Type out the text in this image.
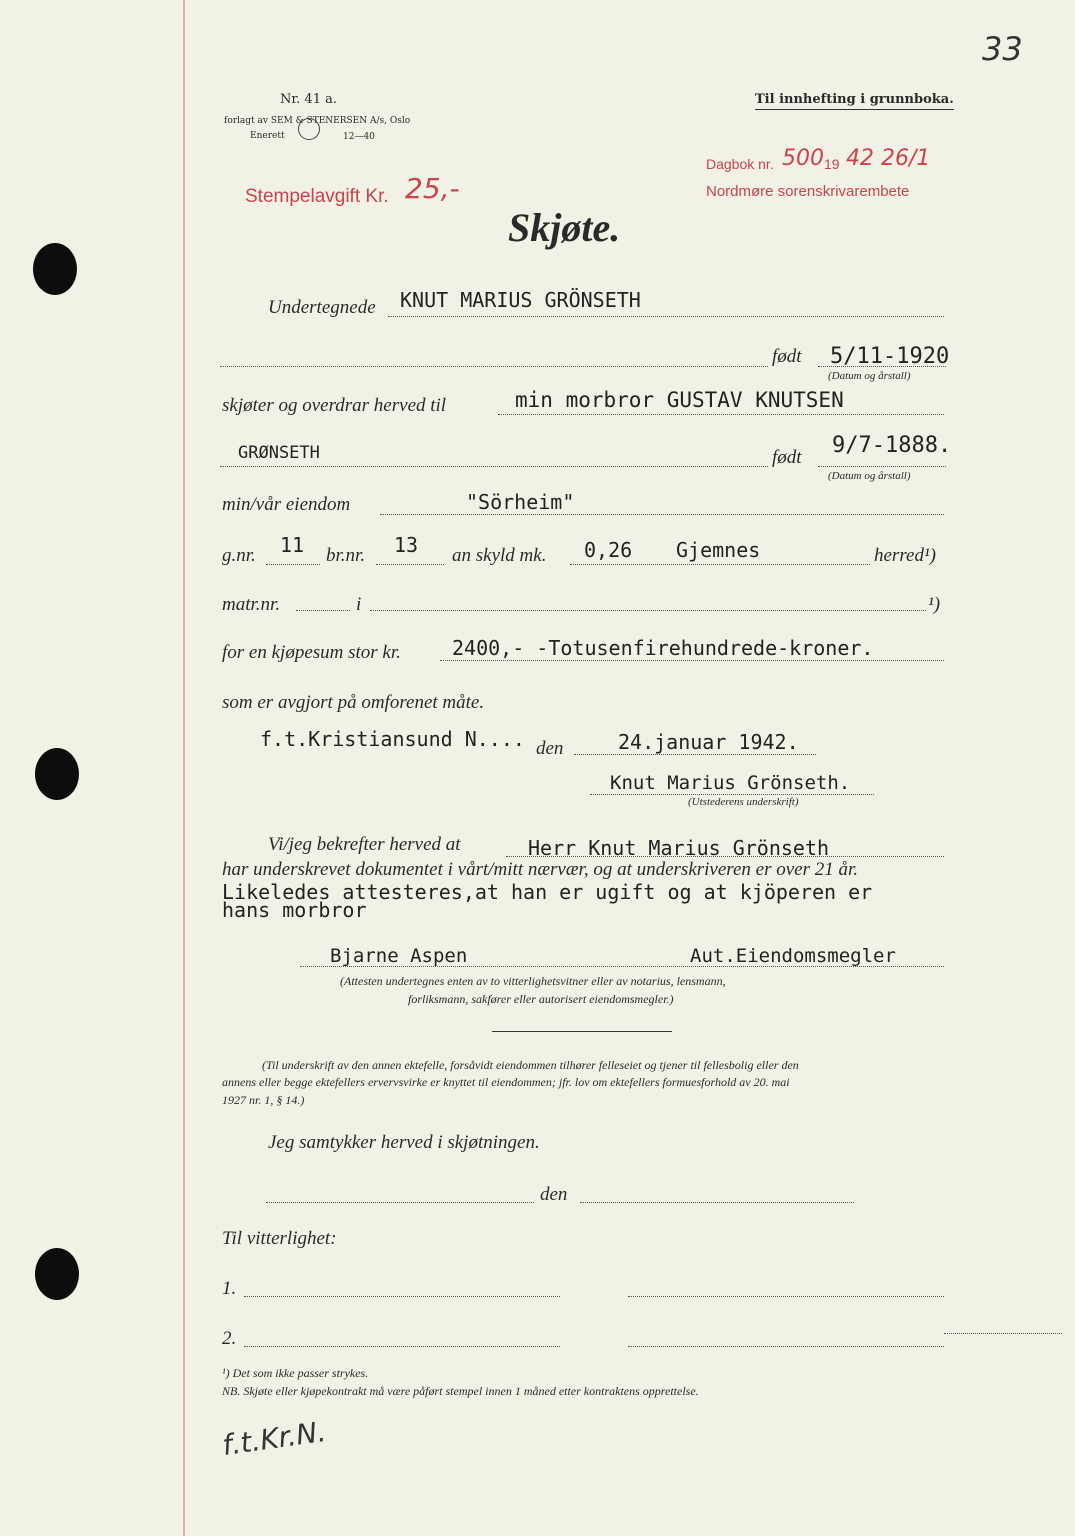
33
Nr. 41 a.
forlagt av SEM & STENERSEN A/s, Oslo
Enerett	12—40
Til innhefting i grunnboka.
Dagbok nr. 500 19 42 26/1
Nordmøre sorenskrivarembete
Stempelavgift Kr. 25,-
Skjøte.
Undertegnede KNUT MARIUS GRÖNSETH
født 5/11-1920
(Datum og årstall)
skjøter og overdrar herved til	min morbror GUSTAV KNUTSEN
GRØNSETH	født 9/7-1888.
(Datum og årstall)
min/vår eiendom	"Sörheim"
g.nr. 11 br.nr. 13 an skyld mk. 0,26 Gjemnes	herred¹)
matr.nr.	i	¹)
for en kjøpesum stor kr.	2400,- -Totusenfirehundrede-kroner.
som er avgjort på omforenet måte.
f.t.Kristiansund N.... den	24.januar 1942.
Knut Marius Grönseth.
(Utstederens underskrift)
Vi/jeg bekrefter herved at	Herr Knut Marius Grönseth
har underskrevet dokumentet i vårt/mitt nærvær, og at underskriveren er over 21 år.
Likeledes attesteres,at han er ugift og at kjöperen er
hans morbror
Bjarne Aspen	Aut.Eiendomsmegler
(Attesten undertegnes enten av to vitterlighetsvitner eller av notarius, lensmann,
forliksmann, sakfører eller autorisert eiendomsmegler.)
(Til underskrift av den annen ektefelle, forsåvidt eiendommen tilhører felleseiet og tjener til fellesbolig eller den
annens eller begge ektefellers ervervsvirke er knyttet til eiendommen; jfr. lov om ektefellers formuesforhold av 20. mai
1927 nr. 1, § 14.)
Jeg samtykker herved i skjøtningen.
den
Til vitterlighet:
1.
2.
¹) Det som ikke passer strykes.
NB. Skjøte eller kjøpekontrakt må være påført stempel innen 1 måned etter kontraktens opprettelse.
f.t.Kr.N.
